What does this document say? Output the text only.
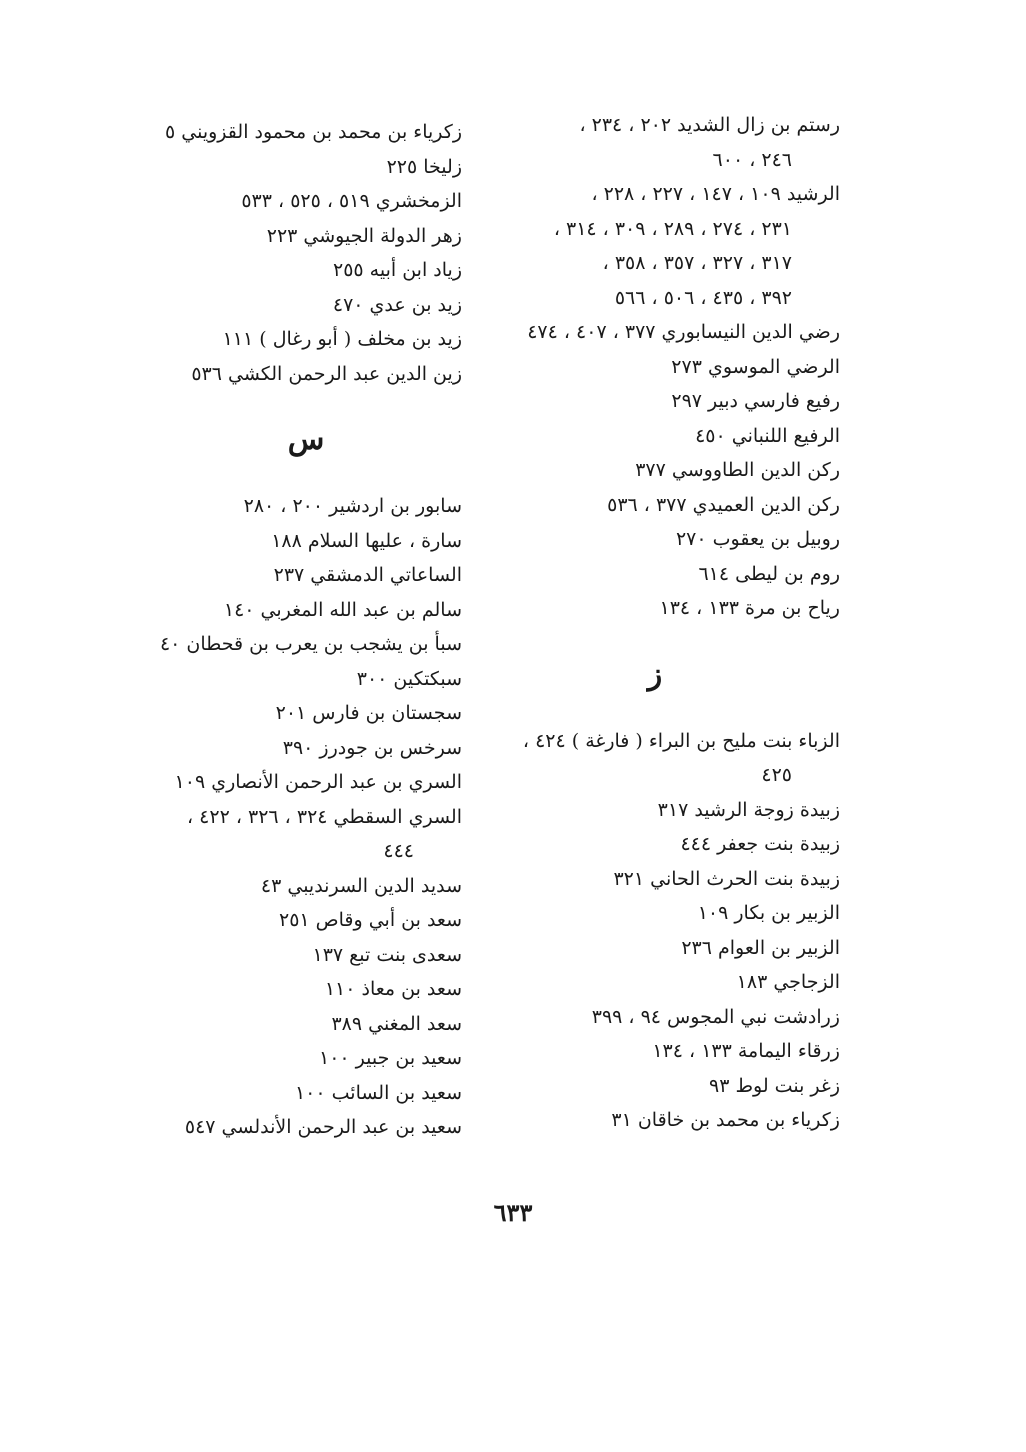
رستم بن زال الشديد ٢٠٢ ، ٢٣٤ ،
٢٤٦ ، ٦٠٠
الرشيد ١٠٩ ، ١٤٧ ، ٢٢٧ ، ٢٢٨ ،
٢٣١ ، ٢٧٤ ، ٢٨٩ ، ٣٠٩ ، ٣١٤ ،
٣١٧ ، ٣٢٧ ، ٣٥٧ ، ٣٥٨ ،
٣٩٢ ، ٤٣٥ ، ٥٠٦ ، ٥٦٦
رضي الدين النيسابوري ٣٧٧ ، ٤٠٧ ، ٤٧٤
الرضي الموسوي ٢٧٣
رفيع فارسي دبير ٢٩٧
الرفيع اللنباني ٤٥٠
ركن الدين الطاووسي ٣٧٧
ركن الدين العميدي ٣٧٧ ، ٥٣٦
روبيل بن يعقوب ٢٧٠
روم بن ليطى ٦١٤
رياح بن مرة ١٣٣ ، ١٣٤
ز
الزباء بنت مليح بن البراء ( فارغة ) ٤٢٤ ،
٤٢٥
زبيدة زوجة الرشيد ٣١٧
زبيدة بنت جعفر ٤٤٤
زبيدة بنت الحرث الحاني ٣٢١
الزبير بن بكار ١٠٩
الزبير بن العوام ٢٣٦
الزجاجي ١٨٣
زرادشت نبي المجوس ٩٤ ، ٣٩٩
زرقاء اليمامة ١٣٣ ، ١٣٤
زغر بنت لوط ٩٣
زكرياء بن محمد بن خاقان ٣١
زكرياء بن محمد بن محمود القزويني ٥
زليخا ٢٢٥
الزمخشري ٥١٩ ، ٥٢٥ ، ٥٣٣
زهر الدولة الجيوشي ٢٢٣
زياد ابن أبيه ٢٥٥
زيد بن عدي ٤٧٠
زيد بن مخلف ( أبو رغال ) ١١١
زين الدين عبد الرحمن الكشي ٥٣٦
س
سابور بن اردشير ٢٠٠ ، ٢٨٠
سارة ، عليها السلام ١٨٨
الساعاتي الدمشقي ٢٣٧
سالم بن عبد الله المغربي ١٤٠
سبأ بن يشجب بن يعرب بن قحطان ٤٠
سبكتكين ٣٠٠
سجستان بن فارس ٢٠١
سرخس بن جودرز ٣٩٠
السري بن عبد الرحمن الأنصاري ١٠٩
السري السقطي ٣٢٤ ، ٣٢٦ ، ٤٢٢ ،
٤٤٤
سديد الدين السرنديبي ٤٣
سعد بن أبي وقاص ٢٥١
سعدى بنت تبع ١٣٧
سعد بن معاذ ١١٠
سعد المغني ٣٨٩
سعيد بن جبير ١٠٠
سعيد بن السائب ١٠٠
سعيد بن عبد الرحمن الأندلسي ٥٤٧
٦٣٣
